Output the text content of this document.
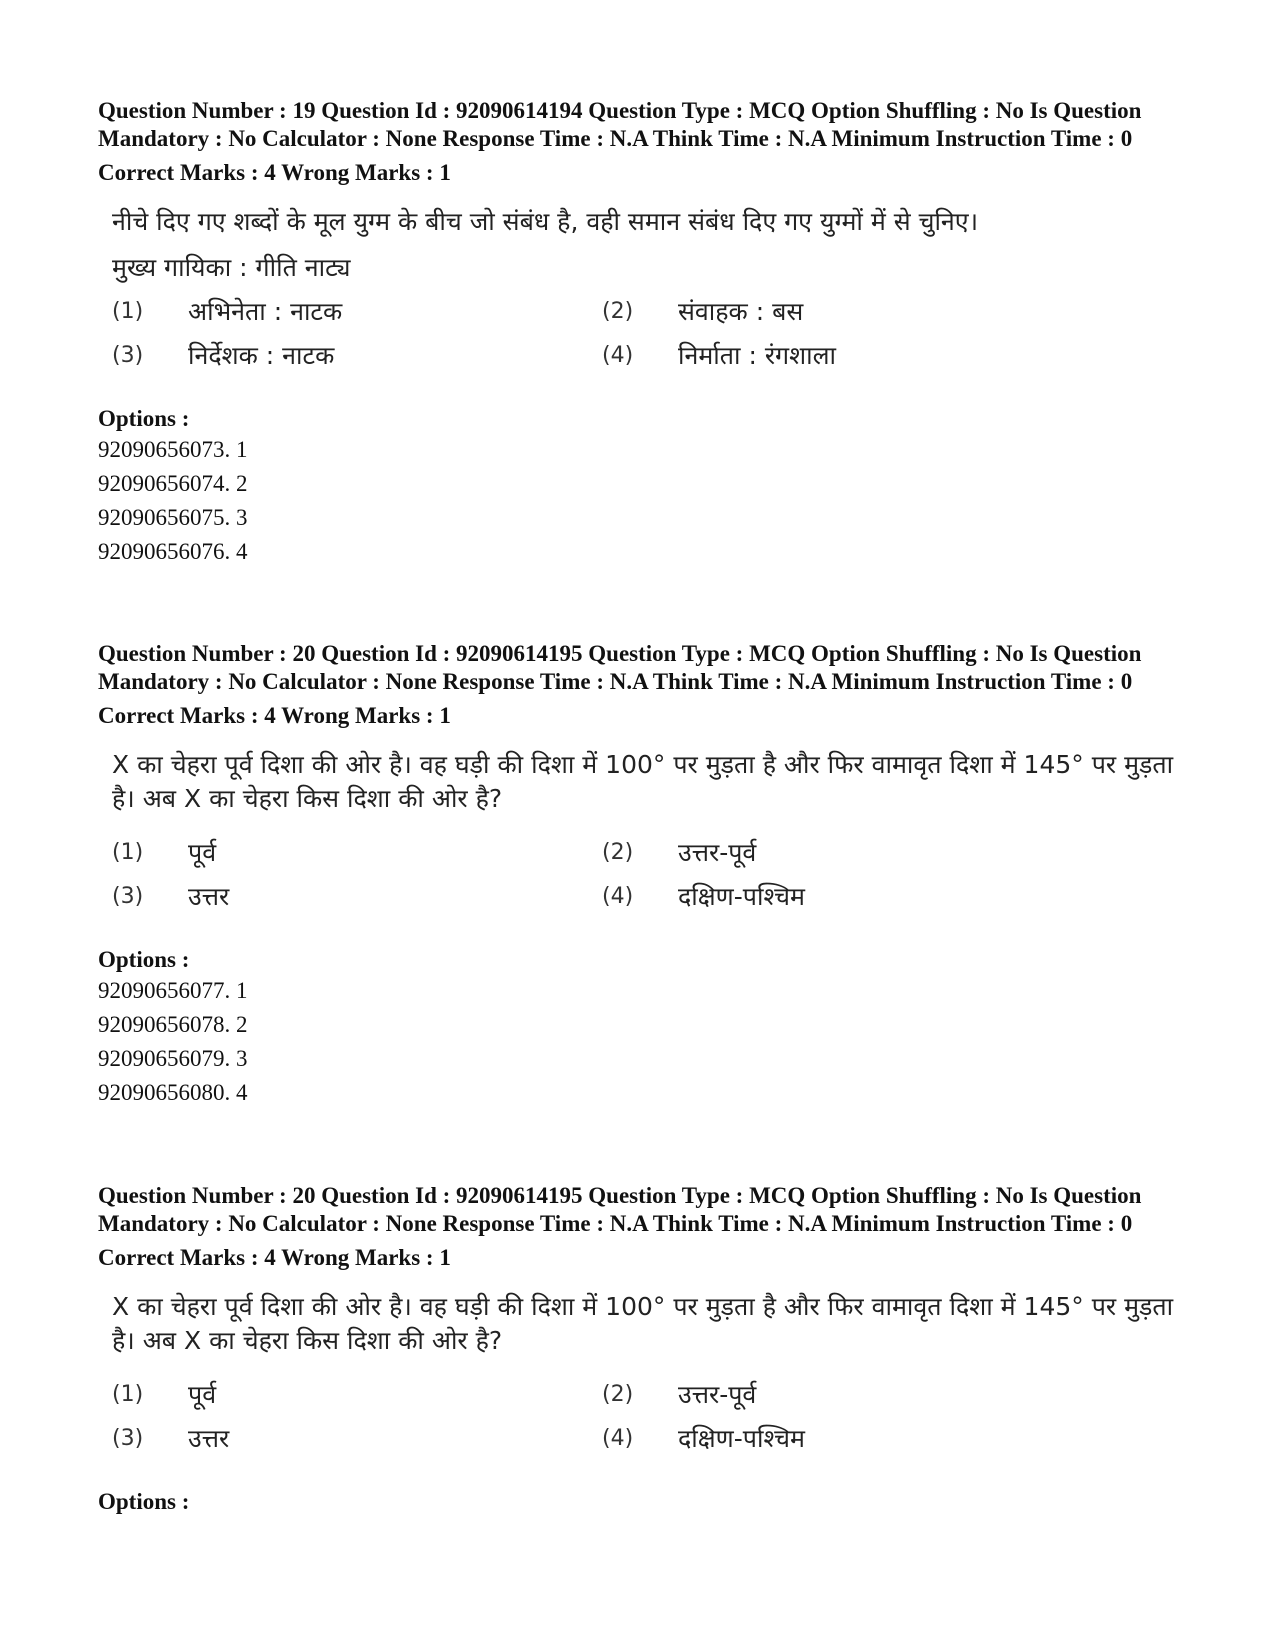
Question Number : 19 Question Id : 92090614194 Question Type : MCQ Option Shuffling : No Is Question Mandatory : No Calculator : None Response Time : N.A Think Time : N.A Minimum Instruction Time : 0
Correct Marks : 4 Wrong Marks : 1
नीचे दिए गए शब्दों के मूल युग्म के बीच जो संबंध है, वही समान संबंध दिए गए युग्मों में से चुनिए।
मुख्य गायिका : गीति नाट्य
(1)	अभिनेता : नाटक	(2)	संवाहक : बस
(3)	निर्देशक : नाटक	(4)	निर्माता : रंगशाला
Options :
92090656073. 1
92090656074. 2
92090656075. 3
92090656076. 4
Question Number : 20 Question Id : 92090614195 Question Type : MCQ Option Shuffling : No Is Question Mandatory : No Calculator : None Response Time : N.A Think Time : N.A Minimum Instruction Time : 0
Correct Marks : 4 Wrong Marks : 1
X का चेहरा पूर्व दिशा की ओर है। वह घड़ी की दिशा में 100° पर मुड़ता है और फिर वामावृत दिशा में 145° पर मुड़ता है। अब X का चेहरा किस दिशा की ओर है?
(1)	पूर्व	(2)	उत्तर-पूर्व
(3)	उत्तर	(4)	दक्षिण-पश्चिम
Options :
92090656077. 1
92090656078. 2
92090656079. 3
92090656080. 4
Question Number : 20 Question Id : 92090614195 Question Type : MCQ Option Shuffling : No Is Question Mandatory : No Calculator : None Response Time : N.A Think Time : N.A Minimum Instruction Time : 0
Correct Marks : 4 Wrong Marks : 1
X का चेहरा पूर्व दिशा की ओर है। वह घड़ी की दिशा में 100° पर मुड़ता है और फिर वामावृत दिशा में 145° पर मुड़ता है। अब X का चेहरा किस दिशा की ओर है?
(1)	पूर्व	(2)	उत्तर-पूर्व
(3)	उत्तर	(4)	दक्षिण-पश्चिम
Options :
